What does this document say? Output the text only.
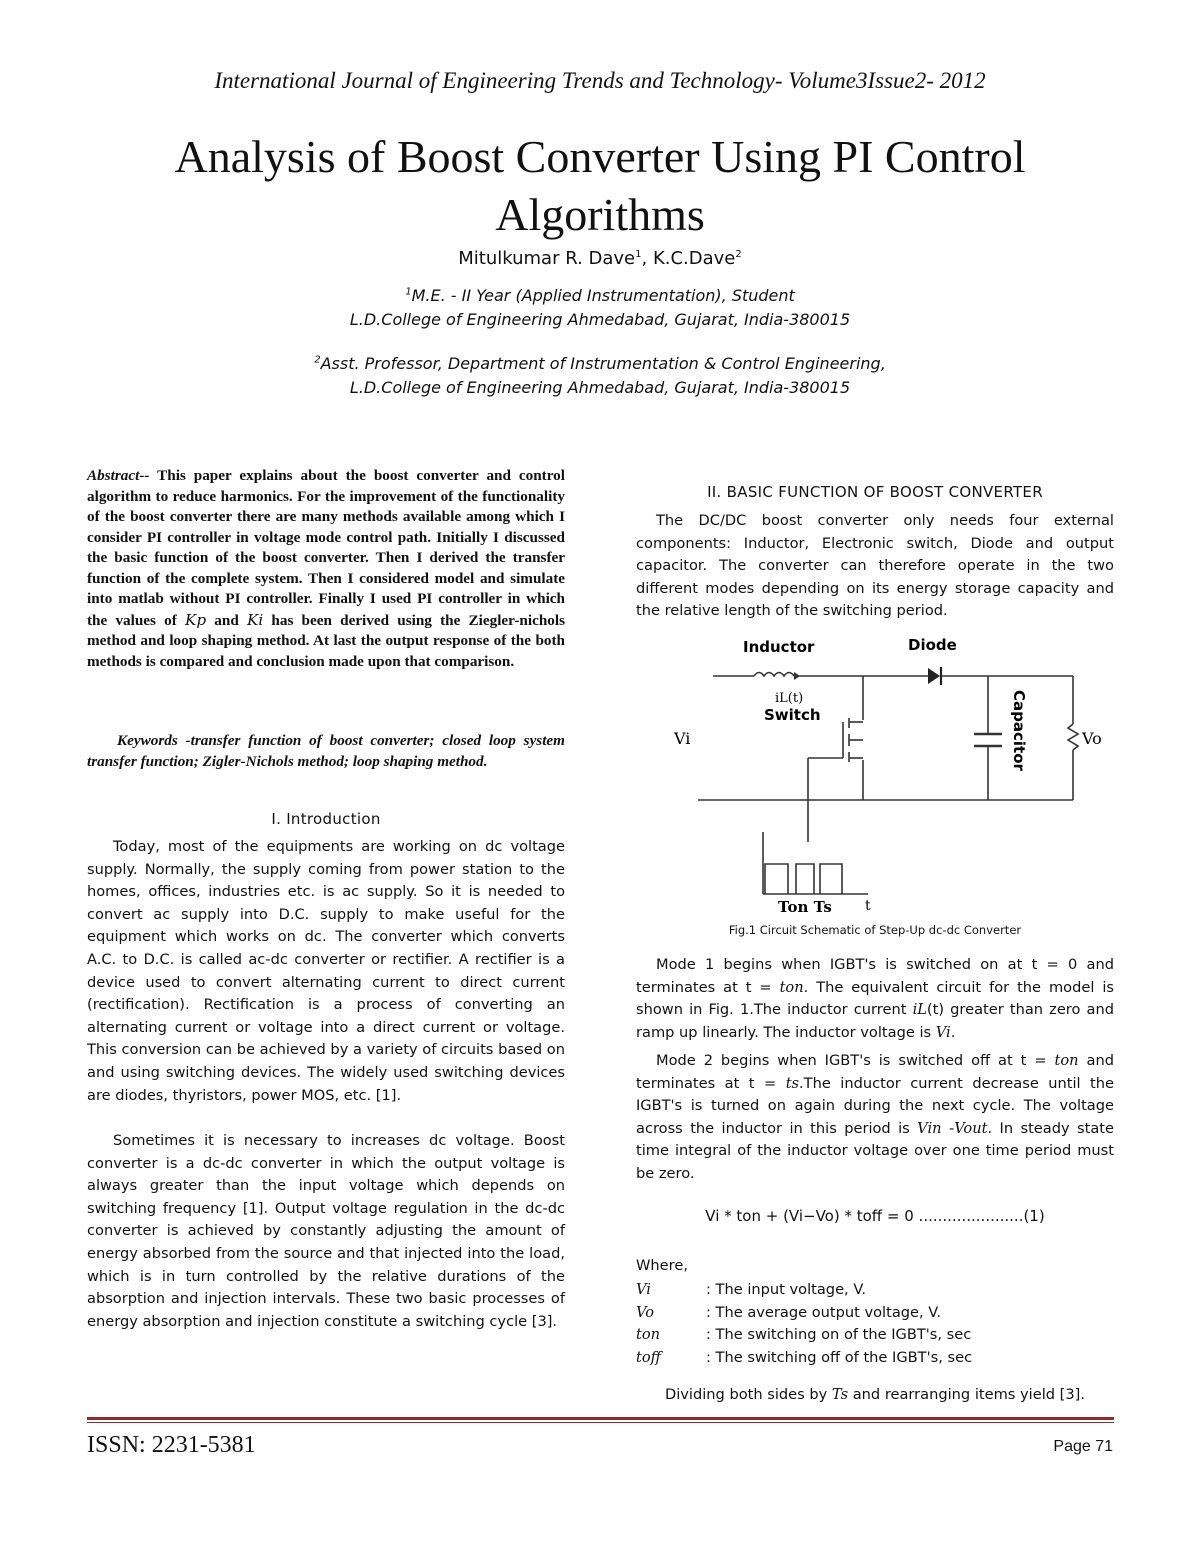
International Journal of Engineering Trends and Technology- Volume3Issue2- 2012
Analysis of Boost Converter Using PI Control Algorithms
Mitulkumar R. Dave$^1$, K.C.Dave$^2$
$^1$M.E. - II Year (Applied Instrumentation), Student
L.D.College of Engineering Ahmedabad, Gujarat, India-380015
$^2$Asst. Professor, Department of Instrumentation & Control Engineering,
L.D.College of Engineering Ahmedabad, Gujarat, India-380015
Abstract-- This paper explains about the boost converter and control algorithm to reduce harmonics. For the improvement of the functionality of the boost converter there are many methods available among which I consider PI controller in voltage mode control path. Initially I discussed the basic function of the boost converter. Then I derived the transfer function of the complete system. Then I considered model and simulate into matlab without PI controller. Finally I used PI controller in which the values of Kp and Ki has been derived using the Ziegler-nichols method and loop shaping method. At last the output response of the both methods is compared and conclusion made upon that comparison.
Keywords -transfer function of boost converter; closed loop system transfer function; Zigler-Nichols method; loop shaping method.
I. Introduction

Today, most of the equipments are working on dc voltage supply. Normally, the supply coming from power station to the homes, offices, industries etc. is ac supply. So it is needed to convert ac supply into D.C. supply to make useful for the equipment which works on dc. The converter which converts A.C. to D.C. is called ac-dc converter or rectifier. A rectifier is a device used to convert alternating current to direct current (rectification). Rectification is a process of converting an alternating current or voltage into a direct current or voltage. This conversion can be achieved by a variety of circuits based on and using switching devices. The widely used switching devices are diodes, thyristors, power MOS, etc. [1].

Sometimes it is necessary to increases dc voltage. Boost converter is a dc-dc converter in which the output voltage is always greater than the input voltage which depends on switching frequency [1]. Output voltage regulation in the dc-dc converter is achieved by constantly adjusting the amount of energy absorbed from the source and that injected into the load, which is in turn controlled by the relative durations of the absorption and injection intervals. These two basic processes of energy absorption and injection constitute a switching cycle [3].

II. BASIC FUNCTION OF BOOST CONVERTER

The DC/DC boost converter only needs four external components: Inductor, Electronic switch, Diode and output capacitor. The converter can therefore operate in the two different modes depending on its energy storage capacity and the relative length of the switching period.

Inductor	Diode
Switch
iL(t)
Vi	Vo
Capacitor
Ton Ts t
Fig.1 Circuit Schematic of Step-Up dc-dc Converter

Mode 1 begins when IGBT's is switched on at t = 0 and terminates at t = ton. The equivalent circuit for the model is shown in Fig. 1.The inductor current iL(t) greater than zero and ramp up linearly. The inductor voltage is Vi.

Mode 2 begins when IGBT's is switched off at t = ton and terminates at t = ts.The inductor current decrease until the IGBT's is turned on again during the next cycle. The voltage across the inductor in this period is Vin -Vout. In steady state time integral of the inductor voltage over one time period must be zero.

Vi * ton + (Vi−Vo) * toff = 0 ......................(1)
Where,
Vi	: The input voltage, V.
Vo	: The average output voltage, V.
ton	: The switching on of the IGBT's, sec
toff	: The switching off of the IGBT's, sec
Dividing both sides by Ts and rearranging items yield [3].
ISSN: 2231-5381	Page 71
